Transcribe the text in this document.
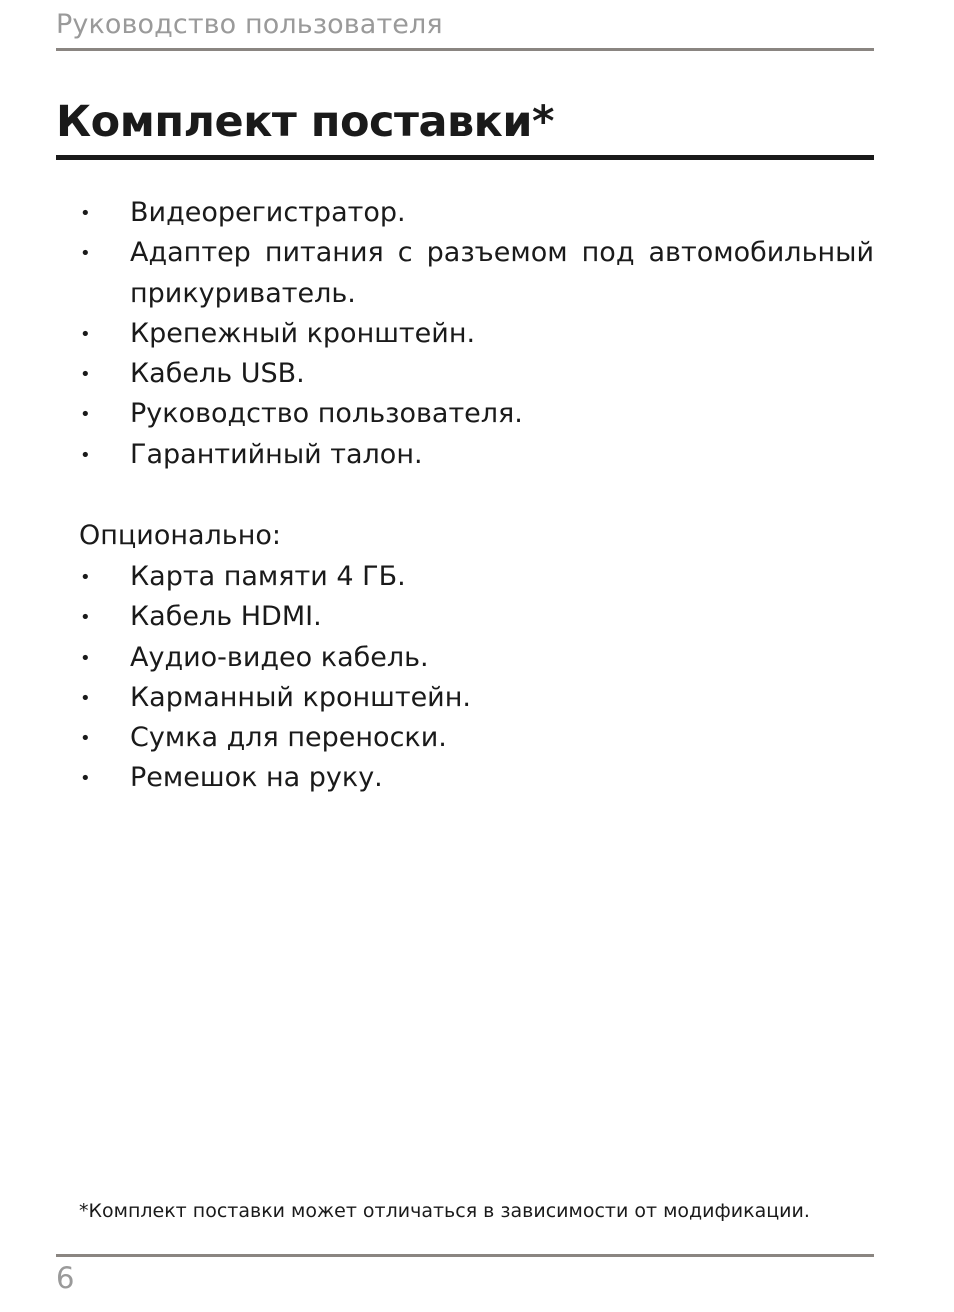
Руководство пользователя
Комплект поставки*
• Видеорегистратор.
• Адаптер питания с разъемом под автомобильный прикуриватель.
• Крепежный кронштейн.
• Кабель USB.
• Руководство пользователя.
• Гарантийный талон.
Опционально:
• Карта памяти 4 ГБ.
• Кабель HDMI.
• Аудио-видео кабель.
• Карманный кронштейн.
• Сумка для переноски.
• Ремешок на руку.
*Комплект поставки может отличаться в зависимости от модификации.
6
